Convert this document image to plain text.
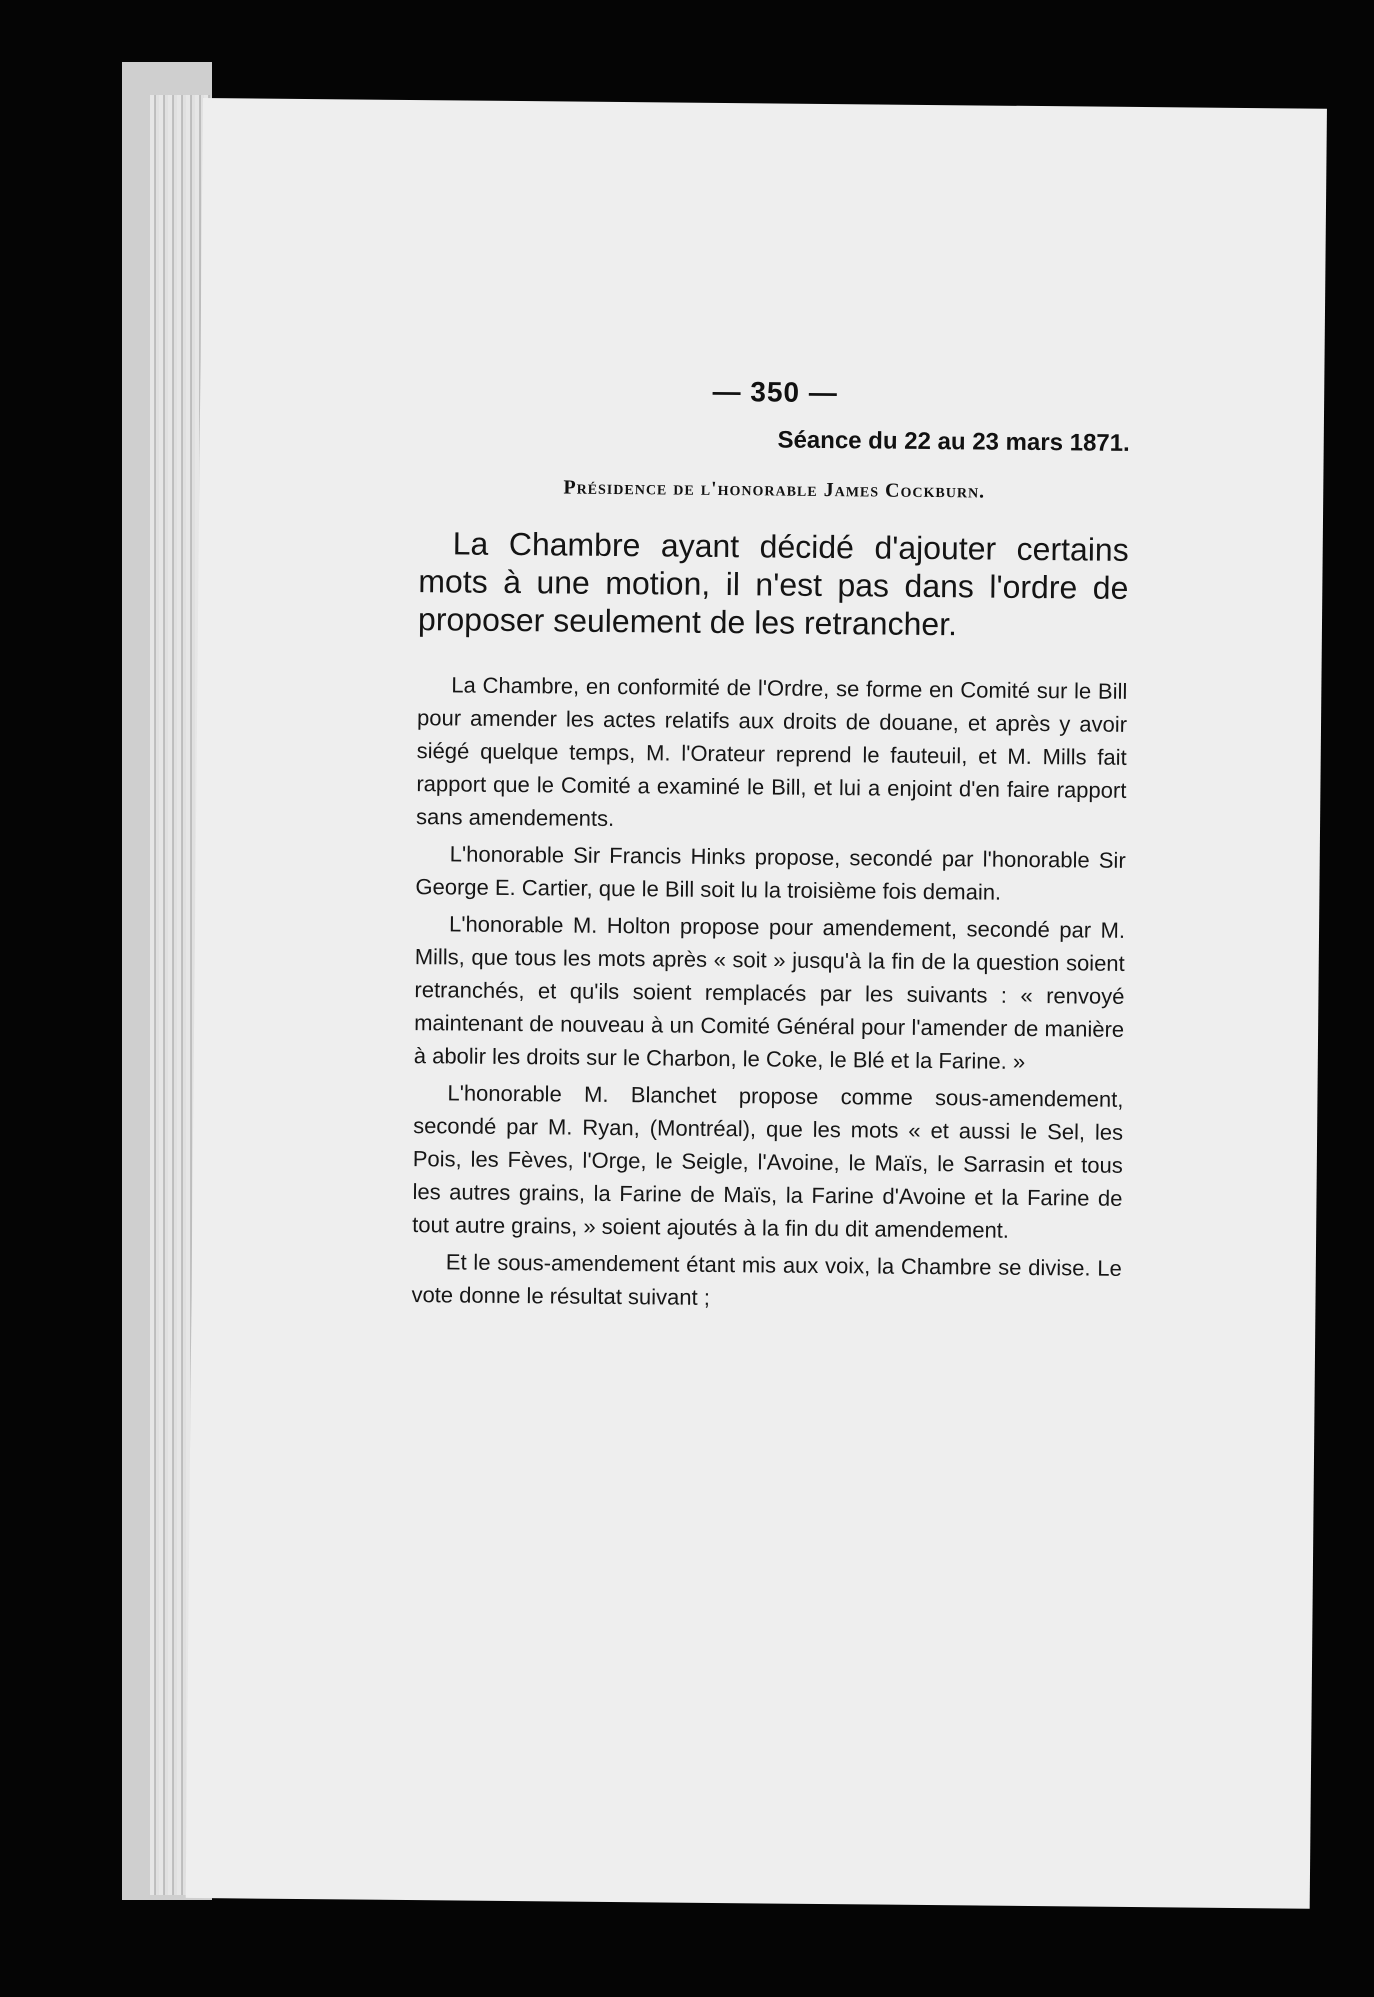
— 350 —
Séance du 22 au 23 mars 1871.
Présidence de l'honorable James Cockburn.
La Chambre ayant décidé d'ajouter certains mots à une motion, il n'est pas dans l'ordre de proposer seulement de les retrancher.

La Chambre, en conformité de l'Ordre, se forme en Comité sur le Bill pour amender les actes relatifs aux droits de douane, et après y avoir siégé quelque temps, M. l'Orateur reprend le fauteuil, et M. Mills fait rapport que le Comité a examiné le Bill, et lui a enjoint d'en faire rapport sans amendements.

L'honorable Sir Francis Hinks propose, secondé par l'honorable Sir George E. Cartier, que le Bill soit lu la troisième fois demain.

L'honorable M. Holton propose pour amendement, secondé par M. Mills, que tous les mots après « soit » jusqu'à la fin de la question soient retranchés, et qu'ils soient remplacés par les suivants : « renvoyé maintenant de nouveau à un Comité Général pour l'amender de manière à abolir les droits sur le Charbon, le Coke, le Blé et la Farine. »

L'honorable M. Blanchet propose comme sous-amendement, secondé par M. Ryan, (Montréal), que les mots « et aussi le Sel, les Pois, les Fèves, l'Orge, le Seigle, l'Avoine, le Maïs, le Sarrasin et tous les autres grains, la Farine de Maïs, la Farine d'Avoine et la Farine de tout autre grains, » soient ajoutés à la fin du dit amendement.

Et le sous-amendement étant mis aux voix, la Chambre se divise. Le vote donne le résultat suivant ;
